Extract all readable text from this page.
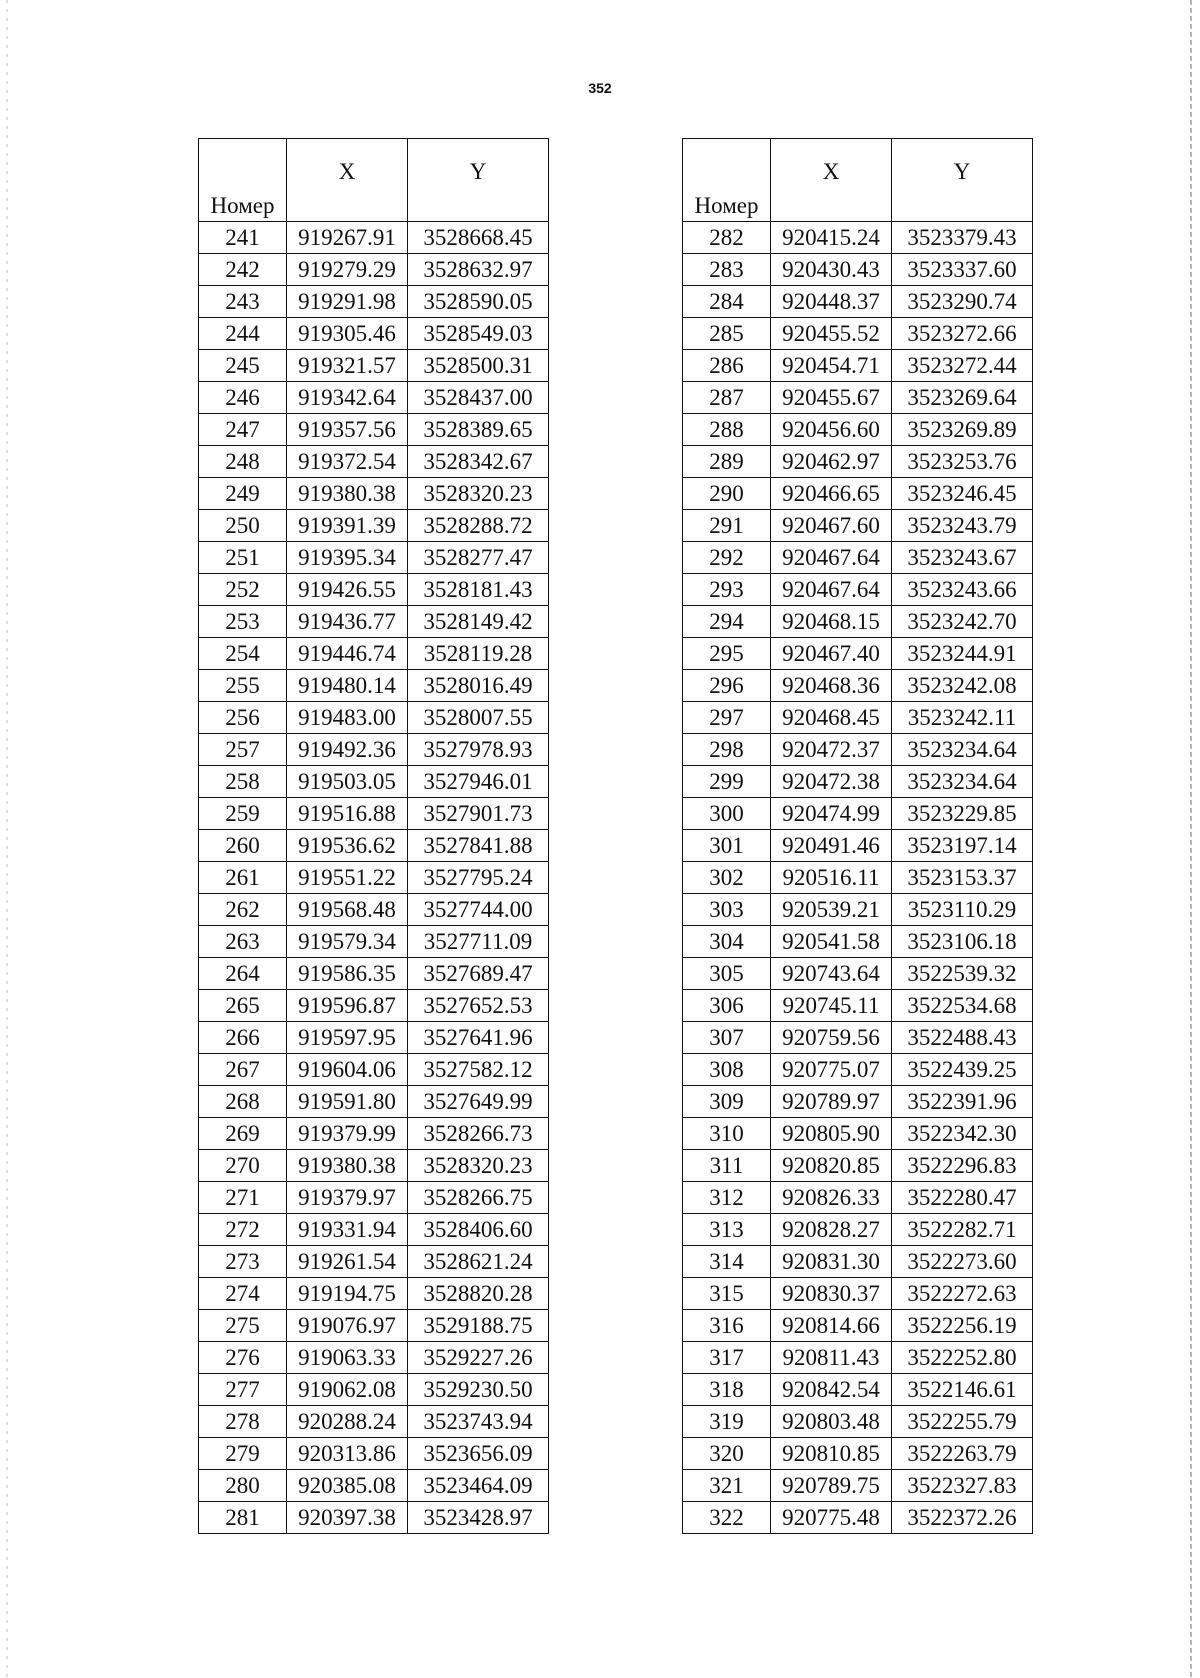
352
Номер	X	Y
241	919267.91	3528668.45
242	919279.29	3528632.97
243	919291.98	3528590.05
244	919305.46	3528549.03
245	919321.57	3528500.31
246	919342.64	3528437.00
247	919357.56	3528389.65
248	919372.54	3528342.67
249	919380.38	3528320.23
250	919391.39	3528288.72
251	919395.34	3528277.47
252	919426.55	3528181.43
253	919436.77	3528149.42
254	919446.74	3528119.28
255	919480.14	3528016.49
256	919483.00	3528007.55
257	919492.36	3527978.93
258	919503.05	3527946.01
259	919516.88	3527901.73
260	919536.62	3527841.88
261	919551.22	3527795.24
262	919568.48	3527744.00
263	919579.34	3527711.09
264	919586.35	3527689.47
265	919596.87	3527652.53
266	919597.95	3527641.96
267	919604.06	3527582.12
268	919591.80	3527649.99
269	919379.99	3528266.73
270	919380.38	3528320.23
271	919379.97	3528266.75
272	919331.94	3528406.60
273	919261.54	3528621.24
274	919194.75	3528820.28
275	919076.97	3529188.75
276	919063.33	3529227.26
277	919062.08	3529230.50
278	920288.24	3523743.94
279	920313.86	3523656.09
280	920385.08	3523464.09
281	920397.38	3523428.97
Номер	X	Y
282	920415.24	3523379.43
283	920430.43	3523337.60
284	920448.37	3523290.74
285	920455.52	3523272.66
286	920454.71	3523272.44
287	920455.67	3523269.64
288	920456.60	3523269.89
289	920462.97	3523253.76
290	920466.65	3523246.45
291	920467.60	3523243.79
292	920467.64	3523243.67
293	920467.64	3523243.66
294	920468.15	3523242.70
295	920467.40	3523244.91
296	920468.36	3523242.08
297	920468.45	3523242.11
298	920472.37	3523234.64
299	920472.38	3523234.64
300	920474.99	3523229.85
301	920491.46	3523197.14
302	920516.11	3523153.37
303	920539.21	3523110.29
304	920541.58	3523106.18
305	920743.64	3522539.32
306	920745.11	3522534.68
307	920759.56	3522488.43
308	920775.07	3522439.25
309	920789.97	3522391.96
310	920805.90	3522342.30
311	920820.85	3522296.83
312	920826.33	3522280.47
313	920828.27	3522282.71
314	920831.30	3522273.60
315	920830.37	3522272.63
316	920814.66	3522256.19
317	920811.43	3522252.80
318	920842.54	3522146.61
319	920803.48	3522255.79
320	920810.85	3522263.79
321	920789.75	3522327.83
322	920775.48	3522372.26
